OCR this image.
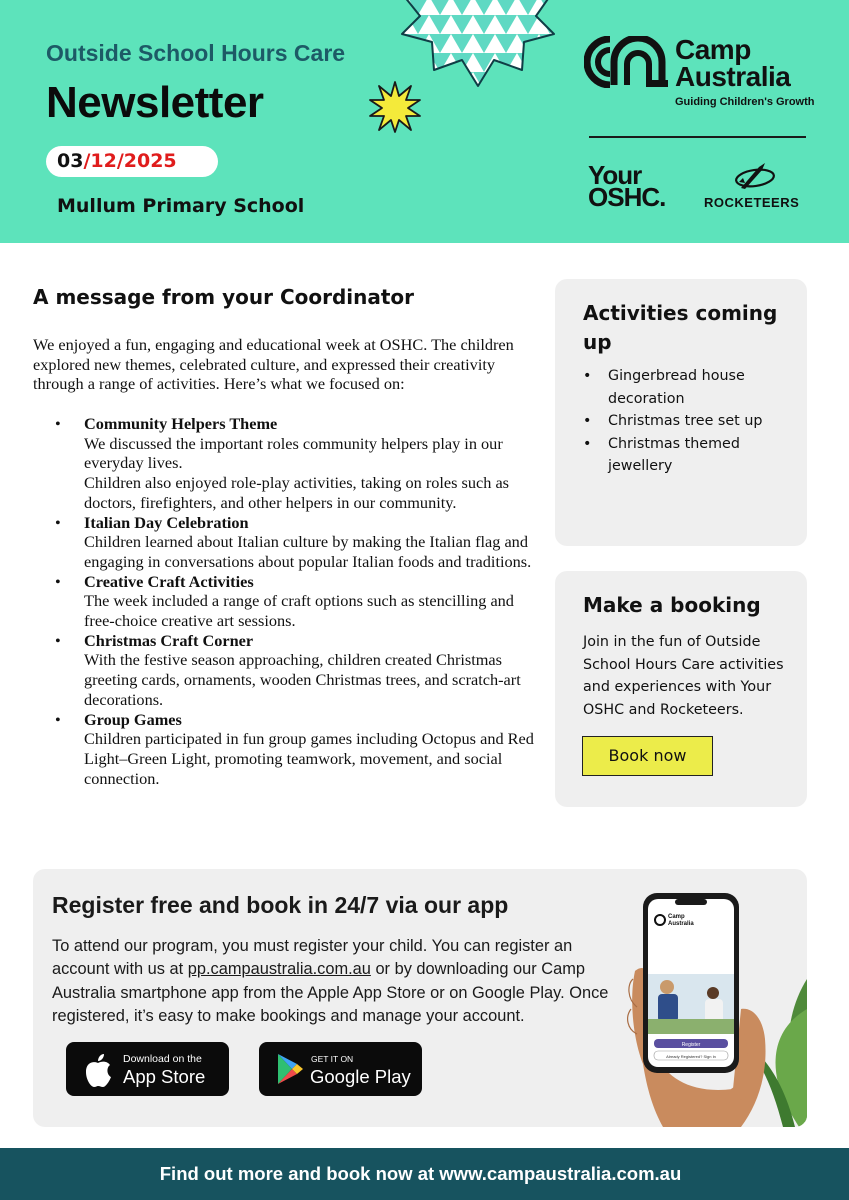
Outside School Hours Care
Newsletter
03/12/2025
Mullum Primary School
Camp
Australia
Guiding Children's Growth
Your
OSHC.	ROCKETEERS
A message from your Coordinator
We enjoyed a fun, engaging and educational week at OSHC. The children explored new themes, celebrated culture, and expressed their creativity through a range of activities. Here’s what we focused on:
• Community Helpers Theme
We discussed the important roles community helpers play in our everyday lives.
Children also enjoyed role-play activities, taking on roles such as doctors, firefighters, and other helpers in our community.
• Italian Day Celebration
Children learned about Italian culture by making the Italian flag and engaging in conversations about popular Italian foods and traditions.
• Creative Craft Activities
The week included a range of craft options such as stencilling and free-choice creative art sessions.
• Christmas Craft Corner
With the festive season approaching, children created Christmas greeting cards, ornaments, wooden Christmas trees, and scratch-art decorations.
• Group Games
Children participated in fun group games including Octopus and Red Light–Green Light, promoting teamwork, movement, and social connection.
Activities coming up
• Gingerbread house decoration
• Christmas tree set up
• Christmas themed jewellery
Make a booking
Join in the fun of Outside School Hours Care activities and experiences with Your OSHC and Rocketeers.
Book now
Register free and book in 24/7 via our app
To attend our program, you must register your child. You can register an account with us at pp.campaustralia.com.au or by downloading our Camp Australia smartphone app from the Apple App Store or on Google Play. Once registered, it’s easy to make bookings and manage your account.
Download on the
App Store
GET IT ON
Google Play
Camp
Australia
Register
Already Registered? Sign In
Find out more and book now at www.campaustralia.com.au
